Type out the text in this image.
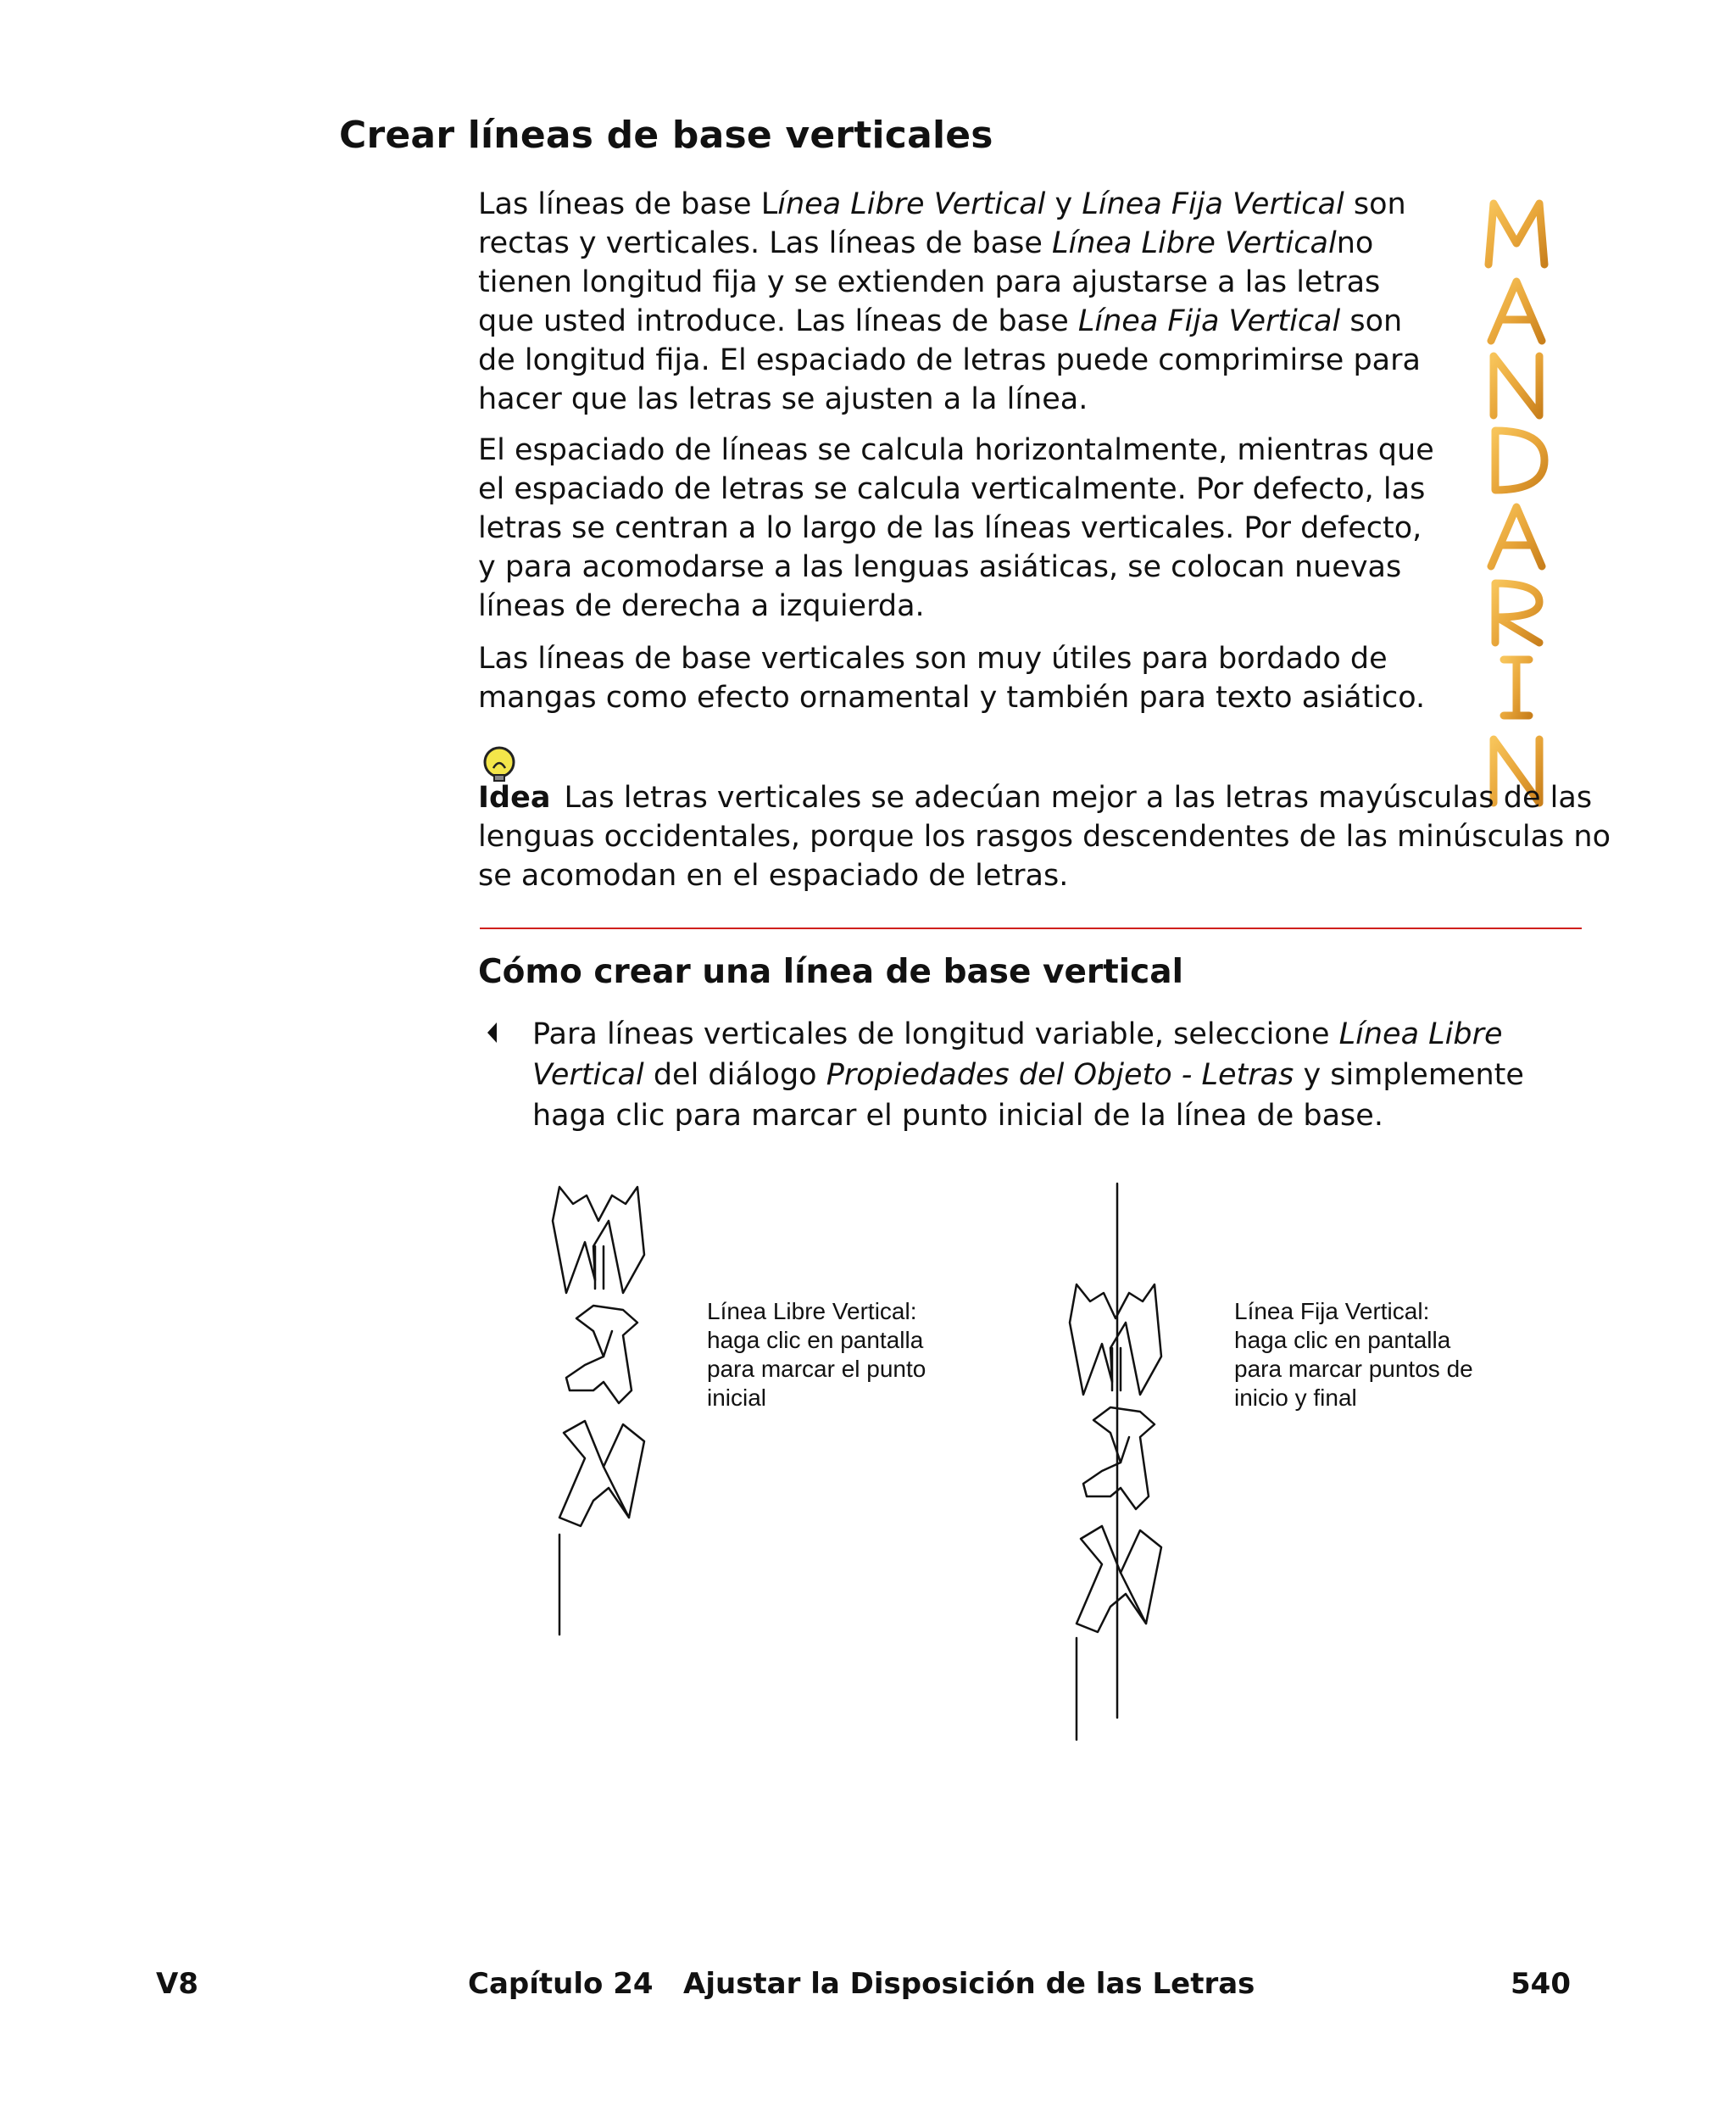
Crear líneas de base verticales

Las líneas de base Línea Libre Vertical y Línea Fija Vertical son rectas y verticales. Las líneas de base Línea Libre Verticalno tienen longitud fija y se extienden para ajustarse a las letras que usted introduce. Las líneas de base Línea Fija Vertical son de longitud fija. El espaciado de letras puede comprimirse para hacer que las letras se ajusten a la línea.

El espaciado de líneas se calcula horizontalmente, mientras que el espaciado de letras se calcula verticalmente. Por defecto, las letras se centran a lo largo de las líneas verticales. Por defecto, y para acomodarse a las lenguas asiáticas, se colocan nuevas líneas de derecha a izquierda.

Las líneas de base verticales son muy útiles para bordado de mangas como efecto ornamental y también para texto asiático.

Idea Las letras verticales se adecúan mejor a las letras mayúsculas de las lenguas occidentales, porque los rasgos descendentes de las minúsculas no se acomodan en el espaciado de letras.

Cómo crear una línea de base vertical

Para líneas verticales de longitud variable, seleccione Línea Libre Vertical del diálogo Propiedades del Objeto - Letras y simplemente haga clic para marcar el punto inicial de la línea de base.

Línea Libre Vertical:
haga clic en pantalla
para marcar el punto
inicial

Línea Fija Vertical:
haga clic en pantalla
para marcar puntos de
inicio y final

V8	Capítulo 24   Ajustar la Disposición de las Letras	540
